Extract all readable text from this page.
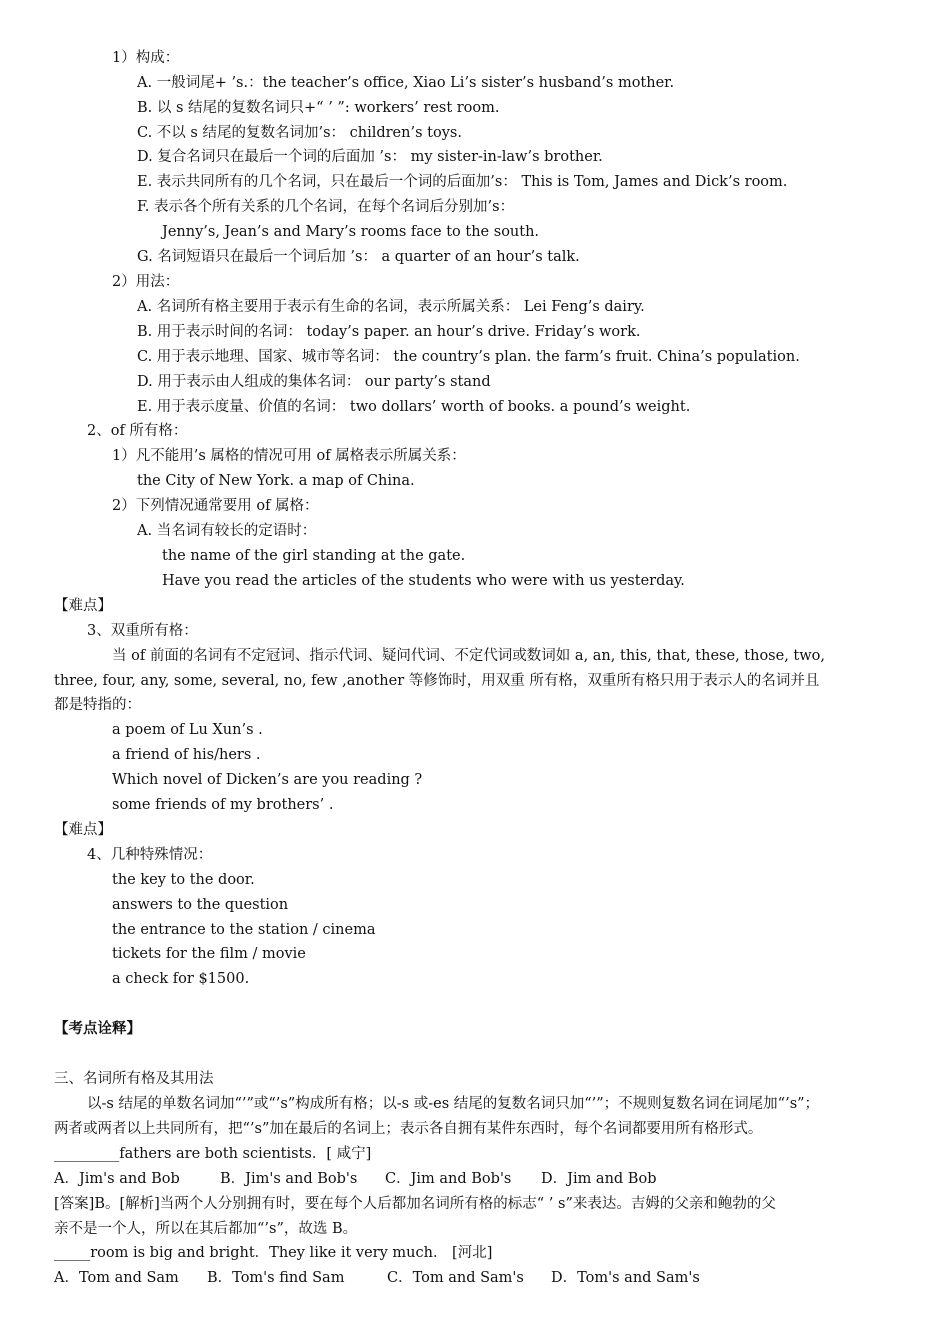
1）构成：
A. 一般词尾+ ’s.：the teacher’s office, Xiao Li’s sister’s husband’s mother.
B. 以 s 结尾的复数名词只+“ ’ ”: workers’ rest room.
C. 不以 s 结尾的复数名词加’s： children’s toys.
D. 复合名词只在最后一个词的后面加 ’s： my sister-in-law’s brother.
E. 表示共同所有的几个名词，只在最后一个词的后面加’s： This is Tom, James and Dick’s room.
F. 表示各个所有关系的几个名词，在每个名词后分别加’s：
Jenny’s, Jean’s and Mary’s rooms face to the south.
G. 名词短语只在最后一个词后加 ’s： a quarter of an hour’s talk.
2）用法：
A. 名词所有格主要用于表示有生命的名词，表示所属关系： Lei Feng’s dairy.
B. 用于表示时间的名词： today’s paper. an hour’s drive. Friday’s work.
C. 用于表示地理、国家、城市等名词： the country’s plan. the farm’s fruit. China’s population.
D. 用于表示由人组成的集体名词： our party’s stand
E. 用于表示度量、价值的名词： two dollars’ worth of books. a pound’s weight.
2、of 所有格：
1）凡不能用’s 属格的情况可用 of 属格表示所属关系：
the City of New York. a map of China.
2）下列情况通常要用 of 属格：
A. 当名词有较长的定语时：
the name of the girl standing at the gate.
Have you read the articles of the students who were with us yesterday.
【难点】
3、双重所有格：
当 of 前面的名词有不定冠词、指示代词、疑问代词、不定代词或数词如 a, an, this, that, these, those, two,
three, four, any, some, several, no, few ,another 等修饰时，用双重 所有格，双重所有格只用于表示人的名词并且
都是特指的：
a poem of Lu Xun’s .
a friend of his/hers .
Which novel of Dicken’s are you reading ?
some friends of my brothers’ .
【难点】
4、几种特殊情况：
the key to the door.
answers to the question
the entrance to the station / cinema
tickets for the film / movie
a check for $1500.
【考点诠释】
三、名词所有格及其用法
以-s 结尾的单数名词加“’”或“’s”构成所有格；以-s 或-es 结尾的复数名词只加“’”；不规则复数名词在词尾加“’s”；
两者或两者以上共同所有，把“’s”加在最后的名词上；表示各自拥有某件东西时，每个名词都要用所有格形式。
_________fathers are both scientists．[ 咸宁]
A．Jim's and Bob	B．Jim's and Bob's C．Jim and Bob's D．Jim and Bob
[答案]B。[解析]当两个人分别拥有时，要在每个人后都加名词所有格的标志“ ’ s”来表达。吉姆的父亲和鲍勃的父
亲不是一个人，所以在其后都加“’s”，故选 B。
_____room is big and bright．They like it very much． [河北]
A．Tom and Sam B．Tom's find Sam	C．Tom and Sam's D．Tom's and Sam's
